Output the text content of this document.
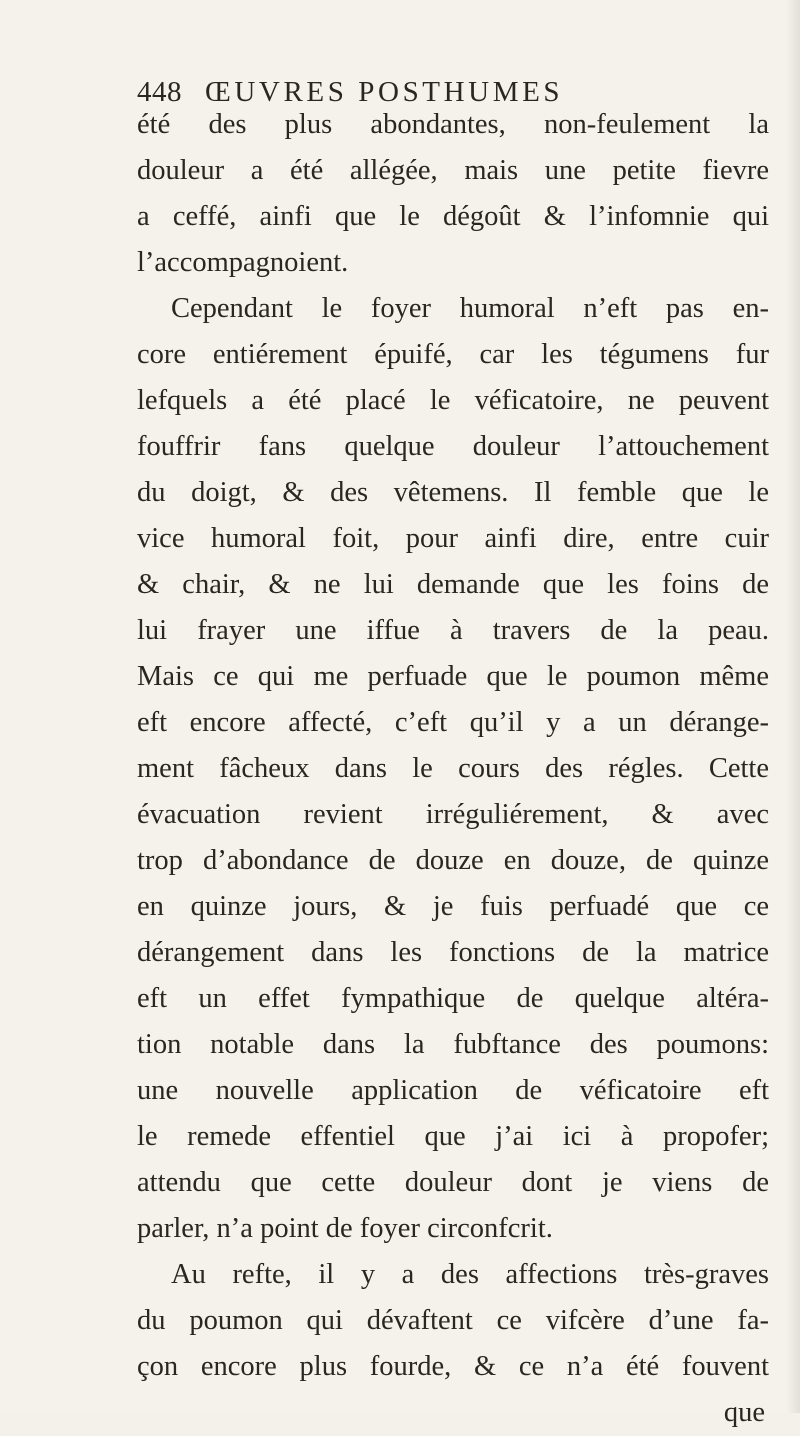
448 ŒUVRES POSTHUMES
été des plus abondantes, non-feulement la
douleur a été allégée, mais une petite fievre
a ceffé, ainfi que le dégoût & l’infomnie qui
l’accompagnoient.
Cependant le foyer humoral n’eft pas en-
core entiérement épuifé, car les tégumens fur
lefquels a été placé le véficatoire, ne peuvent
fouffrir fans quelque douleur l’attouchement
du doigt, & des vêtemens. Il femble que le
vice humoral foit, pour ainfi dire, entre cuir
& chair, & ne lui demande que les foins de
lui frayer une iffue à travers de la peau.
Mais ce qui me perfuade que le poumon même
eft encore affecté, c’eft qu’il y a un dérange-
ment fâcheux dans le cours des régles. Cette
évacuation revient irréguliérement, & avec
trop d’abondance de douze en douze, de quinze
en quinze jours, & je fuis perfuadé que ce
dérangement dans les fonctions de la matrice
eft un effet fympathique de quelque altéra-
tion notable dans la fubftance des poumons:
une nouvelle application de véficatoire eft
le remede effentiel que j’ai ici à propofer;
attendu que cette douleur dont je viens de
parler, n’a point de foyer circonfcrit.
Au refte, il y a des affections très-graves
du poumon qui dévaftent ce vifcère d’une fa-
çon encore plus fourde, & ce n’a été fouvent
que
